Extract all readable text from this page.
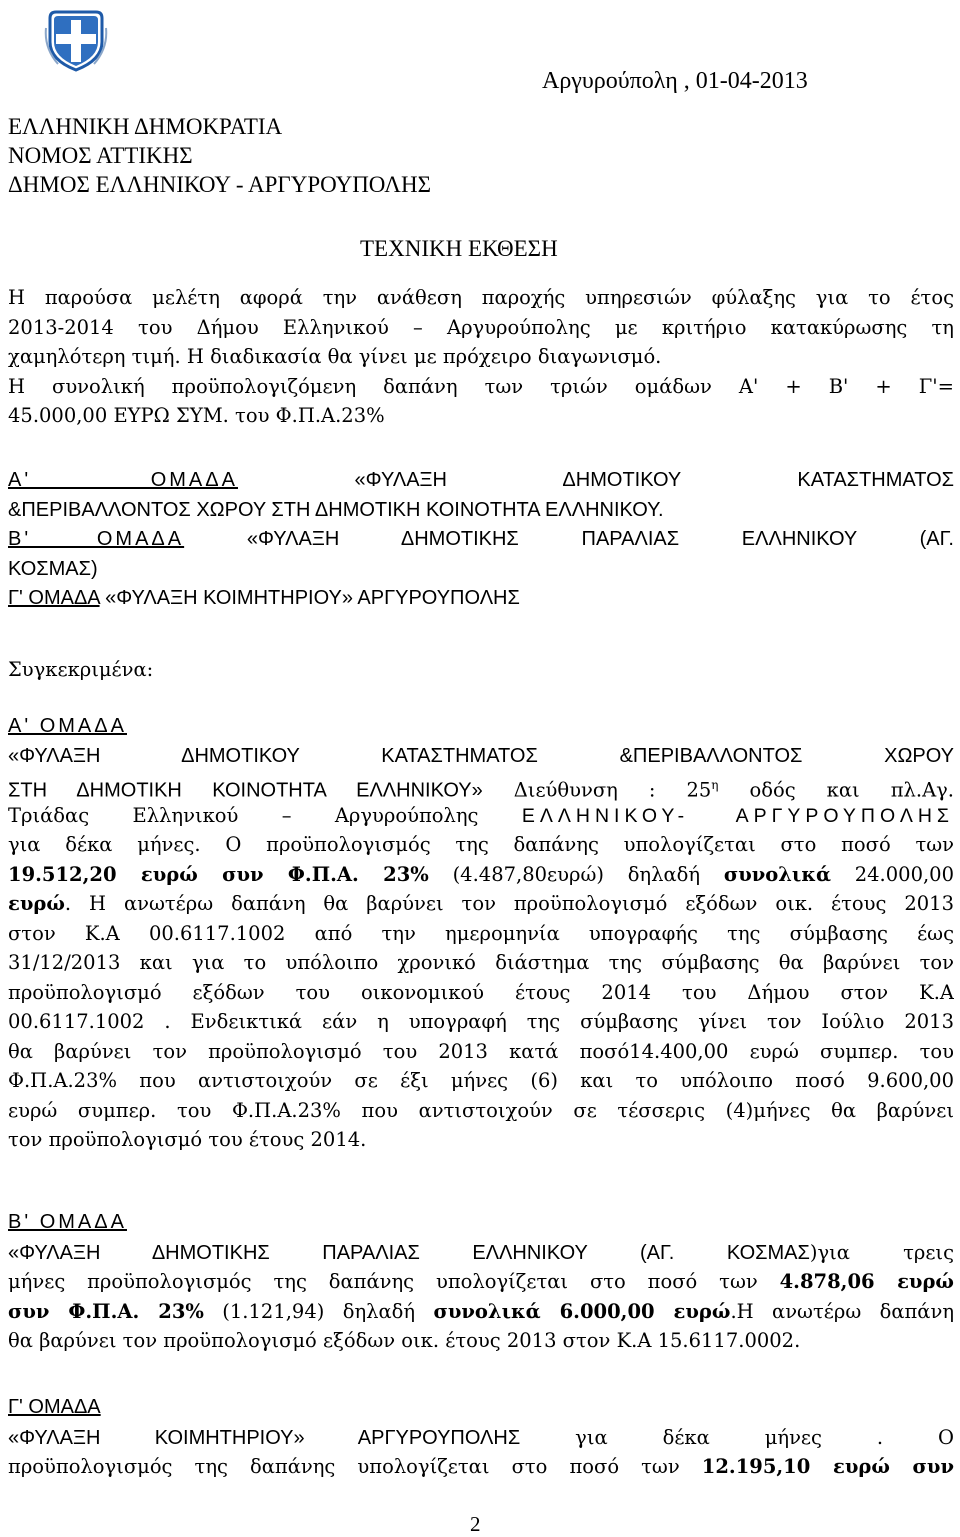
Αργυρούπολη , 01-04-2013
ΕΛΛΗΝΙΚΗ ΔΗΜΟΚΡΑΤΙΑ
ΝΟΜΟΣ ΑΤΤΙΚΗΣ
ΔΗΜΟΣ ΕΛΛΗΝΙΚΟΥ - ΑΡΓΥΡΟΥΠΟΛΗΣ
ΤΕΧΝΙΚΗ ΕΚΘΕΣΗ
Η παρούσα μελέτη αφορά την ανάθεση παροχής υπηρεσιών φύλαξης για το έτος
2013-2014 του Δήμου Ελληνικού – Αργυρούπολης με κριτήριο κατακύρωσης τη
χαμηλότερη τιμή. Η διαδικασία θα γίνει με πρόχειρο διαγωνισμό.
Η συνολική προϋπολογιζόμενη δαπάνη των τριών ομάδων Α' + Β' + Γ'=
45.000,00 ΕΥΡΩ ΣΥΜ. του Φ.Π.Α.23%
Α' ΟΜΑΔΑ	«ΦΥΛΑΞΗ ΔΗΜΟΤΙΚΟΥ ΚΑΤΑΣΤΗΜΑΤΟΣ
&ΠΕΡΙΒΑΛΛΟΝΤΟΣ ΧΩΡΟΥ ΣΤΗ ΔΗΜΟΤΙΚΗ ΚΟΙΝΟΤΗΤΑ ΕΛΛΗΝΙΚΟΥ.
Β' ΟΜΑΔΑ	«ΦΥΛΑΞΗ ΔΗΜΟΤΙΚΗΣ ΠΑΡΑΛΙΑΣ ΕΛΛΗΝΙΚΟΥ (ΑΓ.
ΚΟΣΜΑΣ)
Γ' ΟΜΑΔΑ «ΦΥΛΑΞΗ ΚΟΙΜΗΤΗΡΙΟΥ» ΑΡΓΥΡΟΥΠΟΛΗΣ
Συγκεκριμένα:
Α' ΟΜΑΔΑ
«ΦΥΛΑΞΗ ΔΗΜΟΤΙΚΟΥ ΚΑΤΑΣΤΗΜΑΤΟΣ &ΠΕΡΙΒΑΛΛΟΝΤΟΣ ΧΩΡΟΥ
ΣΤΗ ΔΗΜΟΤΙΚΗ ΚΟΙΝΟΤΗΤΑ ΕΛΛΗΝΙΚΟΥ» Διεύθυνση : $25^\eta$ οδός και πλ.Αγ.
Τριάδας Ελληνικού – Αργυρούπολης ΕΛΛΗΝΙΚΟΥ- ΑΡΓΥΡΟΥΠΟΛΗΣ
για δέκα μήνες. Ο προϋπολογισμός της δαπάνης υπολογίζεται στο ποσό των
19.512,20 ευρώ συν Φ.Π.Α. 23% (4.487,80ευρώ) δηλαδή συνολικά 24.000,00
ευρώ. Η ανωτέρω δαπάνη θα βαρύνει τον προϋπολογισμό εξόδων οικ. έτους 2013
στον Κ.Α 00.6117.1002 από την ημερομηνία υπογραφής της σύμβασης έως
31/12/2013 και για το υπόλοιπο χρονικό διάστημα της σύμβασης θα βαρύνει τον
προϋπολογισμό εξόδων του οικονομικού έτους 2014 του Δήμου στον Κ.Α
00.6117.1002 . Ενδεικτικά εάν η υπογραφή της σύμβασης γίνει τον Ιούλιο 2013
θα βαρύνει τον προϋπολογισμό του 2013 κατά ποσό14.400,00 ευρώ συμπερ. του
Φ.Π.Α.23% που αντιστοιχούν σε έξι μήνες (6) και το υπόλοιπο ποσό 9.600,00
ευρώ συμπερ. του Φ.Π.Α.23% που αντιστοιχούν σε τέσσερις (4)μήνες θα βαρύνει
τον προϋπολογισμό του έτους 2014.
Β' ΟΜΑΔΑ
«ΦΥΛΑΞΗ ΔΗΜΟΤΙΚΗΣ ΠΑΡΑΛΙΑΣ ΕΛΛΗΝΙΚΟΥ (ΑΓ. ΚΟΣΜΑΣ)για τρεις
μήνες προϋπολογισμός της δαπάνης υπολογίζεται στο ποσό των 4.878,06 ευρώ
συν Φ.Π.Α. 23% (1.121,94) δηλαδή συνολικά 6.000,00 ευρώ.Η ανωτέρω δαπάνη
θα βαρύνει τον προϋπολογισμό εξόδων οικ. έτους 2013 στον Κ.Α 15.6117.0002.
Γ' ΟΜΑΔΑ
«ΦΥΛΑΞΗ ΚΟΙΜΗΤΗΡΙΟΥ» ΑΡΓΥΡΟΥΠΟΛΗΣ για δέκα μήνες . Ο
προϋπολογισμός της δαπάνης υπολογίζεται στο ποσό των 12.195,10 ευρώ συν
2
